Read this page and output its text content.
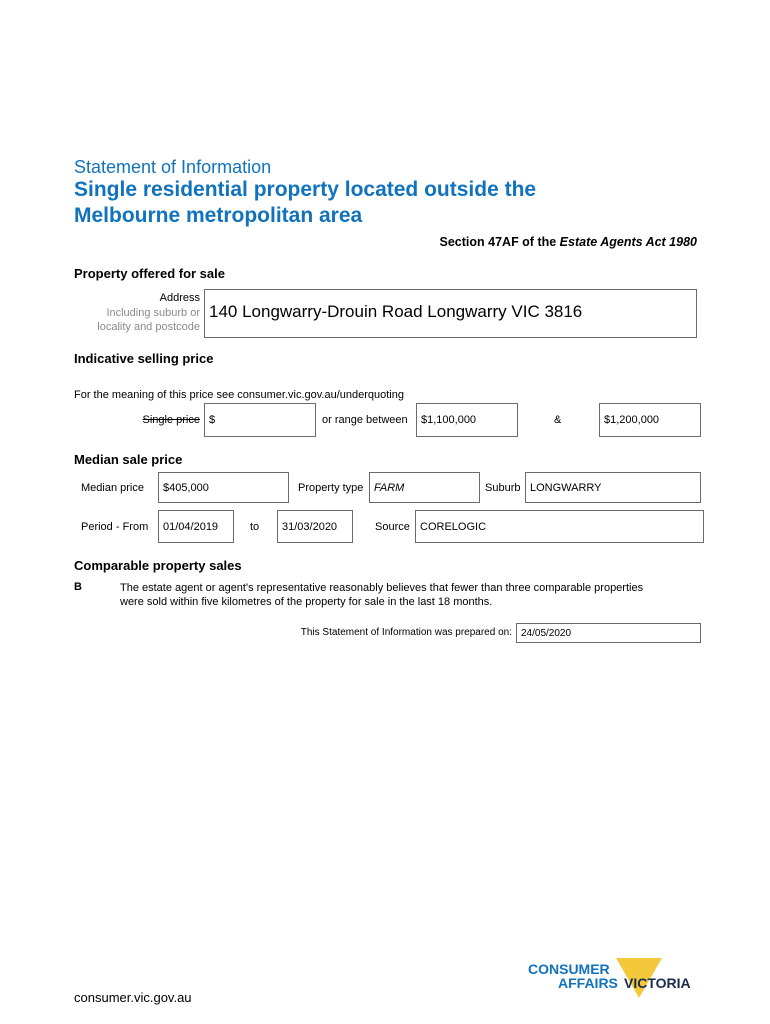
Statement of Information
Single residential property located outside the
Melbourne metropolitan area
Section 47AF of the Estate Agents Act 1980
Property offered for sale
Address
Including suburb or
locality and postcode
140 Longwarry-Drouin Road Longwarry VIC 3816
Indicative selling price
For the meaning of this price see consumer.vic.gov.au/underquoting
Single price $	or range between	$1,100,000	&	$1,200,000
Median sale price
Median price	$405,000	Property type FARM	Suburb LONGWARRY
Period - From	01/04/2019	to	31/03/2020	Source CORELOGIC
Comparable property sales
B	The estate agent or agent's representative reasonably believes that fewer than three comparable properties
were sold within five kilometres of the property for sale in the last 18 months.
This Statement of Information was prepared on: 24/05/2020
consumer.vic.gov.au
CONSUMER
AFFAIRS VICTORIA
